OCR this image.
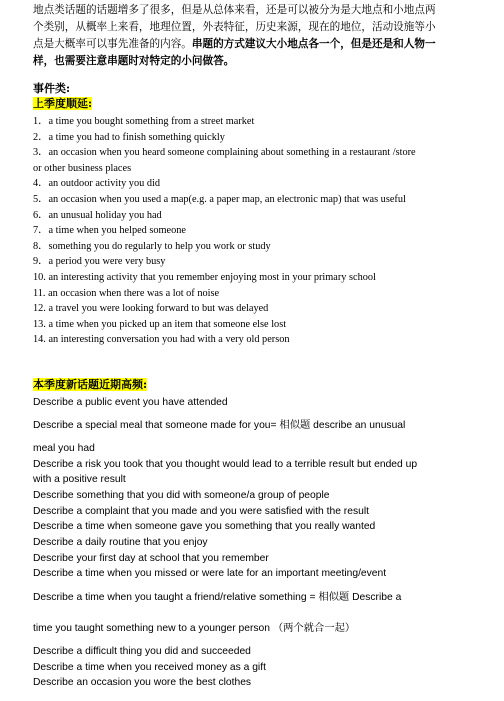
地点类话题的话题增多了很多，但是从总体来看，还是可以被分为是大地点和小地点两
个类别，从概率上来看，地理位置，外表特征，历史来源，现在的地位，活动设施等小
点是大概率可以事先准备的内容。串题的方式建议大小地点各一个，但是还是和人物一
样，也需要注意串题时对特定的小问做答。
事件类:
上季度顺延:
1．a time you bought something from a street market
2．a time you had to finish something quickly
3．an occasion when you heard someone complaining about something in a restaurant /store
or other business places
4．an outdoor activity you did
5．an occasion when you used a map(e.g. a paper map, an electronic map) that was useful
6．an unusual holiday you had
7．a time when you helped someone
8．something you do regularly to help you work or study
9．a period you were very busy
10. an interesting activity that you remember enjoying most in your primary school
11. an occasion when there was a lot of noise
12. a travel you were looking forward to but was delayed
13. a time when you picked up an item that someone else lost
14. an interesting conversation you had with a very old person
本季度新话题近期高频:
Describe a public event you have attended
Describe a special meal that someone made for you= 相似题 describe an unusual
meal you had
Describe a risk you took that you thought would lead to a terrible result but ended up
with a positive result
Describe something that you did with someone/a group of people
Describe a complaint that you made and you were satisfied with the result
Describe a time when someone gave you something that you really wanted
Describe a daily routine that you enjoy
Describe your first day at school that you remember
Describe a time when you missed or were late for an important meeting/event
Describe a time when you taught a friend/relative something = 相似题 Describe a
time you taught something new to a younger person （两个就合一起）
Describe a difficult thing you did and succeeded
Describe a time when you received money as a gift
Describe an occasion you wore the best clothes
